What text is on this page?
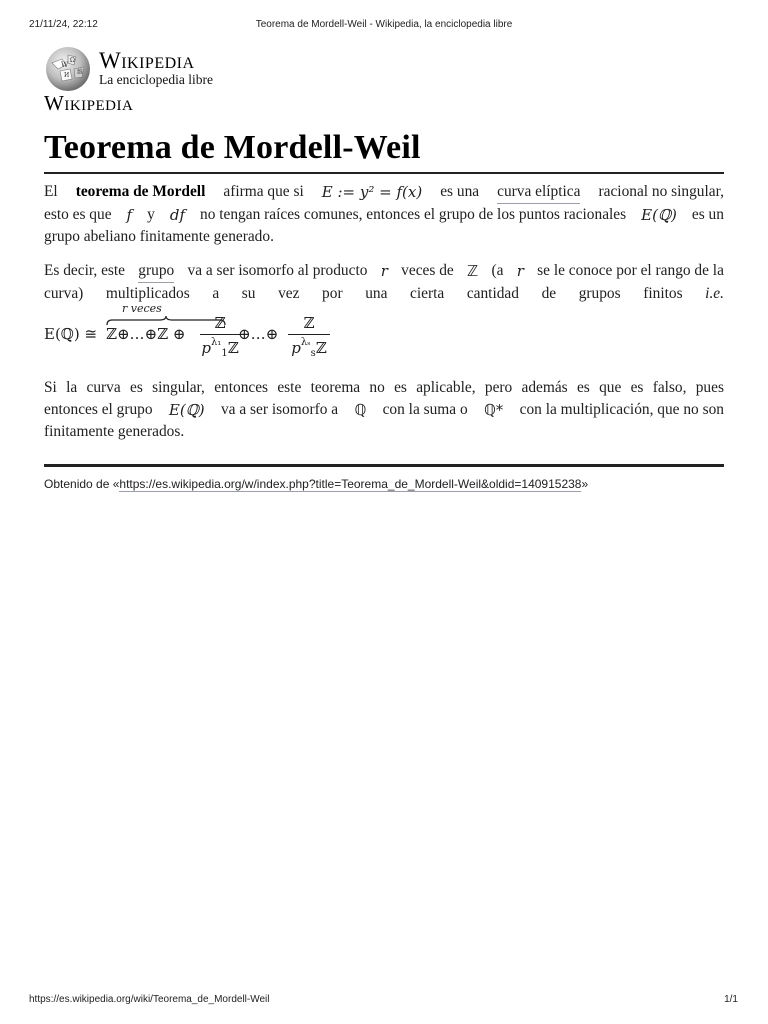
21/11/24, 22:12	Teorema de Mordell-Weil - Wikipedia, la enciclopedia libre
W
Ω
И 維 Wikipedia
La enciclopedia libre
Wikipedia
Teorema de Mordell-Weil
El teorema de Mordell afirma que si E := y² = f(x) es una curva elíptica racional no singular,
esto es que f y df no tengan raíces comunes, entonces el grupo de los puntos racionales E(ℚ) es un
grupo abeliano finitamente generado.
Es decir, este grupo va a ser isomorfo al producto r veces de ℤ (a r se le conoce por el rango de la
curva) multiplicados a su vez por una cierta cantidad de grupos finitos i.e.
E(ℚ) ≅
r veces
ℤ⊕…⊕ℤ ⊕
ℤ
$p^{\lambda_1}_1ℤ$
⊕…⊕
ℤ
$p^{\lambda_s}_sℤ$
Si la curva es singular, entonces este teorema no es aplicable, pero además es que es falso, pues
entonces el grupo E(ℚ) va a ser isomorfo a ℚ con la suma o ℚ* con la multiplicación, que no son
finitamente generados.
Obtenido de «https://es.wikipedia.org/w/index.php?title=Teorema_de_Mordell-Weil&oldid=140915238»
https://es.wikipedia.org/wiki/Teorema_de_Mordell-Weil	1/1
